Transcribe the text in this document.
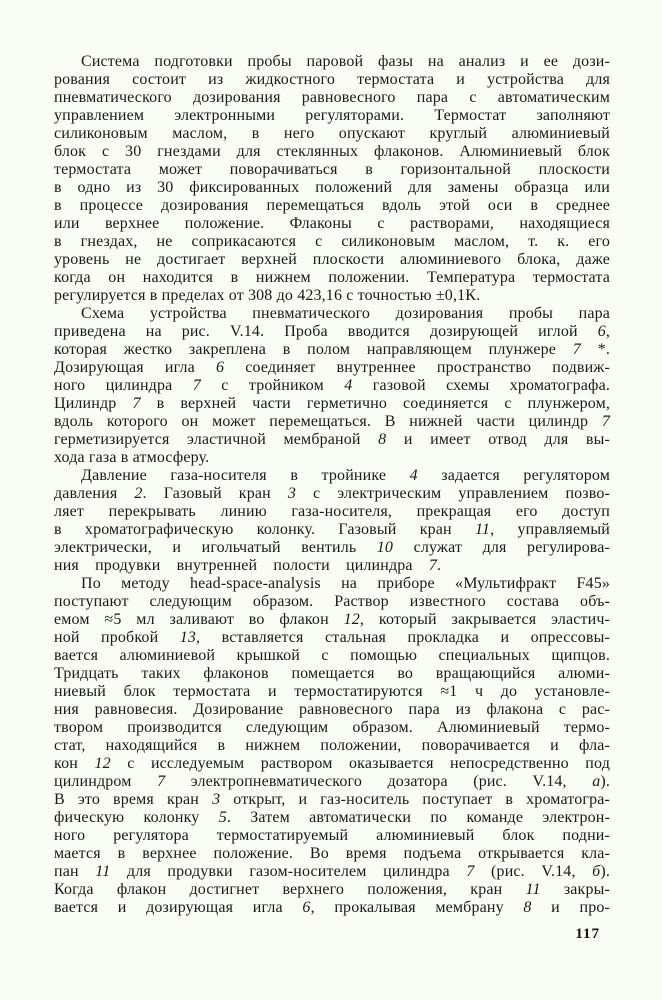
Система подготовки пробы паровой фазы на анализ и ее дози-
рования состоит из жидкостного термостата и устройства для
пневматического дозирования равновесного пара с автоматическим
управлением электронными регуляторами. Термостат заполняют
силиконовым маслом, в него опускают круглый алюминиевый
блок с 30 гнездами для стеклянных флаконов. Алюминиевый блок
термостата может поворачиваться в горизонтальной плоскости
в одно из 30 фиксированных положений для замены образца или
в процессе дозирования перемещаться вдоль этой оси в среднее
или верхнее положение. Флаконы с растворами, находящиеся
в гнездах, не соприкасаются с силиконовым маслом, т. к. его
уровень не достигает верхней плоскости алюминиевого блока, даже
когда он находится в нижнем положении. Температура термостата
регулируется в пределах от 308 до 423,16 с точностью ±0,1К.
Схема устройства пневматического дозирования пробы пара
приведена на рис. V.14. Проба вводится дозирующей иглой 6,
которая жестко закреплена в полом направляющем плунжере 7 *.
Дозирующая игла 6 соединяет внутреннее пространство подвиж-
ного цилиндра 7 с тройником 4 газовой схемы хроматографа.
Цилиндр 7 в верхней части герметично соединяется с плунжером,
вдоль которого он может перемещаться. В нижней части цилиндр 7
герметизируется эластичной мембраной 8 и имеет отвод для вы-
хода газа в атмосферу.
Давление газа-носителя в тройнике 4 задается регулятором
давления 2. Газовый кран 3 с электрическим управлением позво-
ляет перекрывать линию газа-носителя, прекращая его доступ
в хроматографическую колонку. Газовый кран 11, управляемый
электрически, и игольчатый вентиль 10 служат для регулирова-
ния продувки внутренней полости цилиндра 7.
По методу head-space-analysis на приборе «Мультифракт F45»
поступают следующим образом. Раствор известного состава объ-
емом ≈5 мл заливают во флакон 12, который закрывается эластич-
ной пробкой 13, вставляется стальная прокладка и опрессовы-
вается алюминиевой крышкой с помощью специальных щипцов.
Тридцать таких флаконов помещается во вращающийся алюми-
ниевый блок термостата и термостатируются ≈1 ч до установле-
ния равновесия. Дозирование равновесного пара из флакона с рас-
твором производится следующим образом. Алюминиевый термо-
стат, находящийся в нижнем положении, поворачивается и фла-
кон 12 с исследуемым раствором оказывается непосредственно под
цилиндром 7 электропневматического дозатора (рис. V.14, а).
В это время кран 3 открыт, и газ-носитель поступает в хроматогра-
фическую колонку 5. Затем автоматически по команде электрон-
ного регулятора термостатируемый алюминиевый блок подни-
мается в верхнее положение. Во время подъема открывается кла-
пан 11 для продувки газом-носителем цилиндра 7 (рис. V.14, б).
Когда флакон достигнет верхнего положения, кран 11 закры-
вается и дозирующая игла 6, прокалывая мембрану 8 и про-
117
